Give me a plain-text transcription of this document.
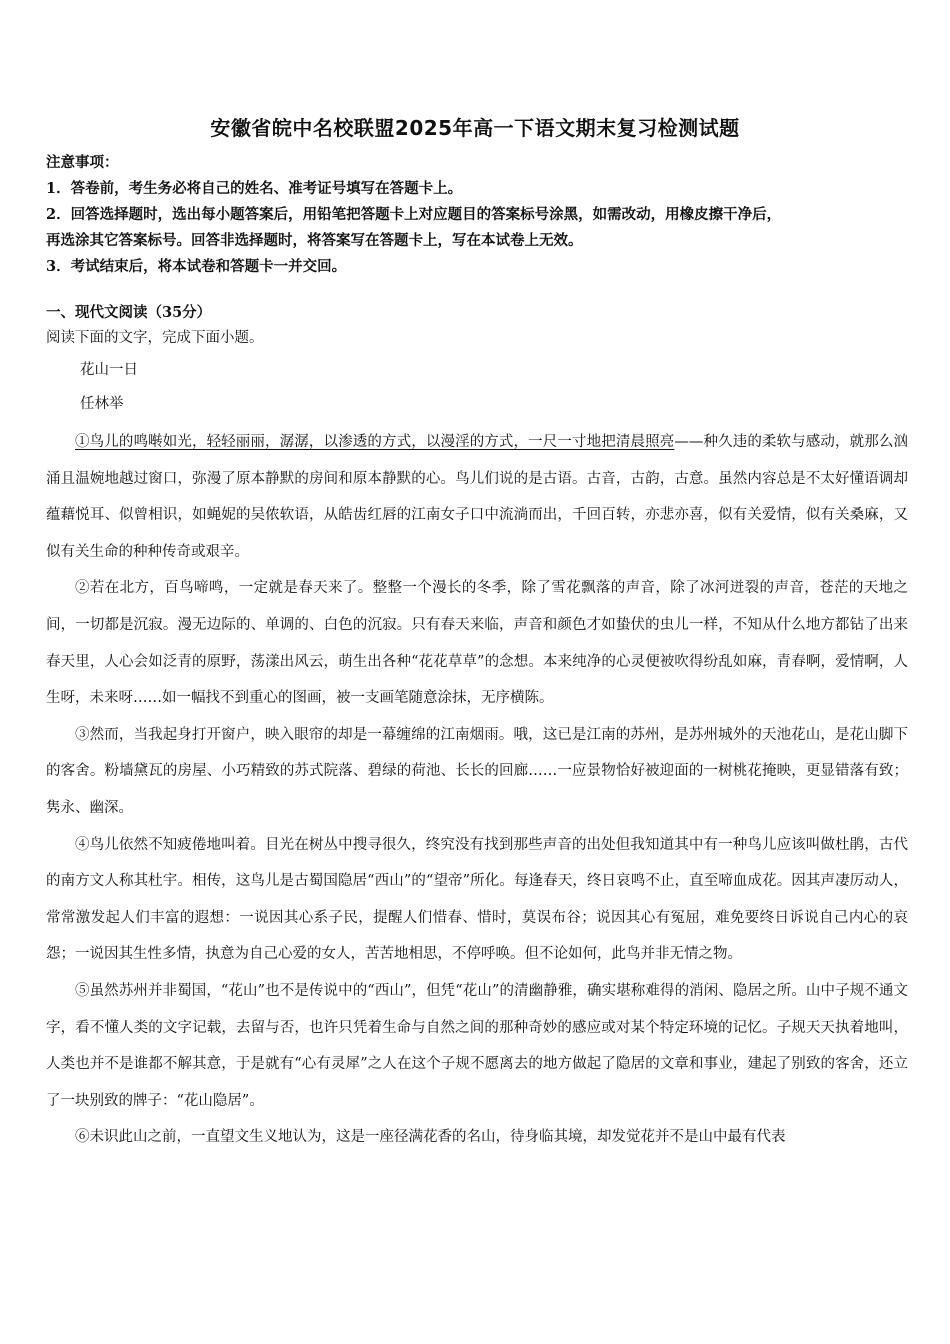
安徽省皖中名校联盟2025年高一下语文期末复习检测试题
注意事项：
1．答卷前，考生务必将自己的姓名、准考证号填写在答题卡上。
2．回答选择题时，选出每小题答案后，用铅笔把答题卡上对应题目的答案标号涂黑，如需改动，用橡皮擦干净后，
再选涂其它答案标号。回答非选择题时，将答案写在答题卡上，写在本试卷上无效。
3．考试结束后，将本试卷和答题卡一并交回。
一、现代文阅读（35分）
阅读下面的文字，完成下面小题。
花山一日
任林举

①鸟儿的鸣啭如光，轻轻丽丽，潺潺，以渗透的方式，以漫淫的方式，一尺一寸地把清晨照亮——种久违的柔软与感动，就那么汹涌且温婉地越过窗口，弥漫了原本静默的房间和原本静默的心。鸟儿们说的是古语。古音，古韵，古意。虽然内容总是不太好懂语调却蕴藉悦耳、似曾相识，如蝇妮的吴侬软语，从皓齿红唇的江南女子口中流淌而出，千回百转，亦悲亦喜，似有关爱情，似有关桑麻，又似有关生命的种种传奇或艰辛。

②若在北方，百鸟啼鸣，一定就是春天来了。整整一个漫长的冬季，除了雪花飘落的声音，除了冰河迸裂的声音，苍茫的天地之间，一切都是沉寂。漫无边际的、单调的、白色的沉寂。只有春天来临，声音和颜色才如蛰伏的虫儿一样，不知从什么地方都钻了出来春天里，人心会如泛青的原野，荡漾出风云，萌生出各种“花花草草”的念想。本来纯净的心灵便被吹得纷乱如麻，青春啊，爱情啊，人生呀，未来呀……如一幅找不到重心的图画，被一支画笔随意涂抹，无序横陈。

③然而，当我起身打开窗户，映入眼帘的却是一幕缠绵的江南烟雨。哦，这已是江南的苏州，是苏州城外的天池花山，是花山脚下的客舍。粉墙黛瓦的房屋、小巧精致的苏式院落、碧绿的荷池、长长的回廊……一应景物恰好被迎面的一树桃花掩映，更显错落有致；隽永、幽深。

④鸟儿依然不知疲倦地叫着。目光在树丛中搜寻很久，终究没有找到那些声音的出处但我知道其中有一种鸟儿应该叫做杜鹃，古代的南方文人称其杜宇。相传，这鸟儿是古蜀国隐居“西山”的“望帝”所化。每逢春天，终日哀鸣不止，直至啼血成花。因其声凄厉动人，常常激发起人们丰富的遐想：一说因其心系子民，提醒人们惜春、惜时，莫误布谷；说因其心有冤屈，难免要终日诉说自己内心的哀怨；一说因其生性多情，执意为自己心爱的女人，苦苦地相思，不停呼唤。但不论如何，此鸟并非无情之物。

⑤虽然苏州并非蜀国，“花山”也不是传说中的“西山”，但凭“花山”的清幽静雅，确实堪称难得的消闲、隐居之所。山中子规不通文字，看不懂人类的文字记载，去留与否，也许只凭着生命与自然之间的那种奇妙的感应或对某个特定环境的记忆。子规天天执着地叫，人类也并不是谁都不解其意，于是就有“心有灵犀”之人在这个子规不愿离去的地方做起了隐居的文章和事业，建起了别致的客舍，还立了一块别致的牌子：“花山隐居”。

⑥未识此山之前，一直望文生义地认为，这是一座径满花香的名山，待身临其境，却发觉花并不是山中最有代表
